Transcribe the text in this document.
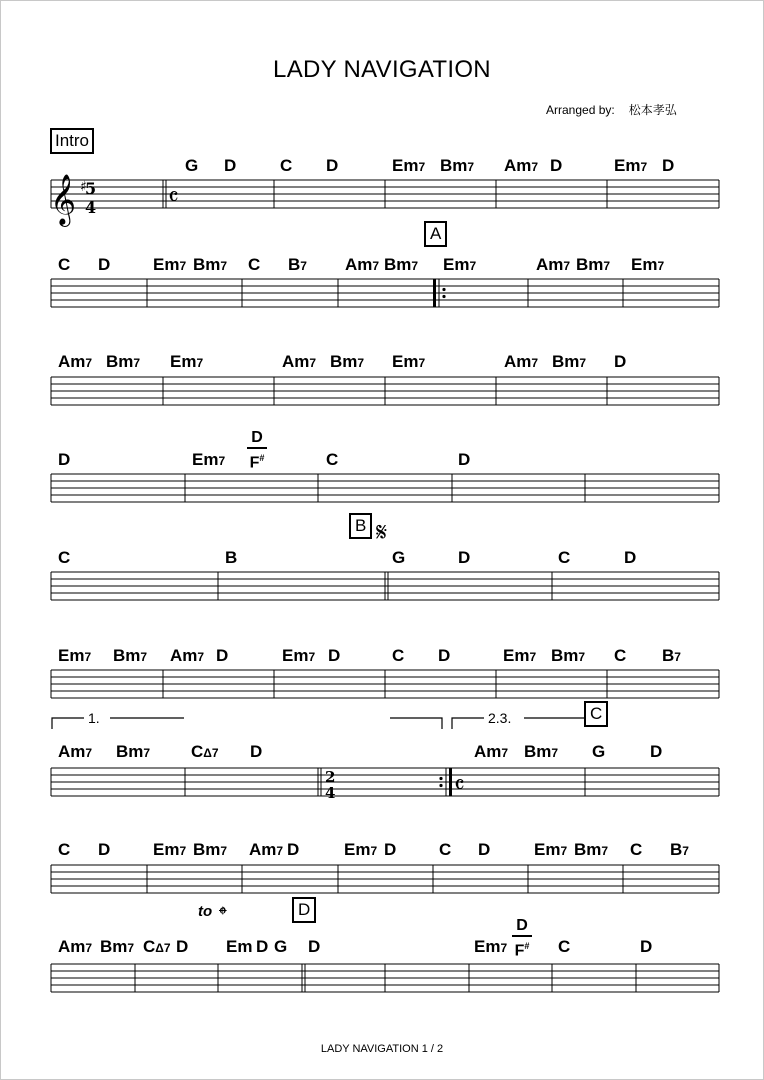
LADY NAVIGATION
Arranged by: 松本孝弘
Intro
A
B
C
D
1.	2.3.
to
G D	C D	Em7 Bm7 Am7 D	Em7 D
C D	Em7 Bm7 C B7 Am7 Bm7 Em7	Am7 Bm7 Em7
Am7 Bm7 Em7	Am7 Bm7 Em7	Am7 Bm7 D
D	Em7	C	D
C	B	G	D	C	D
Em7 Bm7 Am7 D	Em7 D	C D	Em7 Bm7 C B7
Am7 Bm7 CΔ7 D	Am7 Bm7 G	D
C D	Em7 Bm7 Am7 D	Em7 D	C D	Em7 Bm7 C B7
Am7 Bm7 CΔ7 D Em D G D	Em7	C	D
D
F#
D
F#
𝄞 ♯
5
4	𝄴
𝄴
2
4
𝄋
𝄌
LADY NAVIGATION 1 / 2
